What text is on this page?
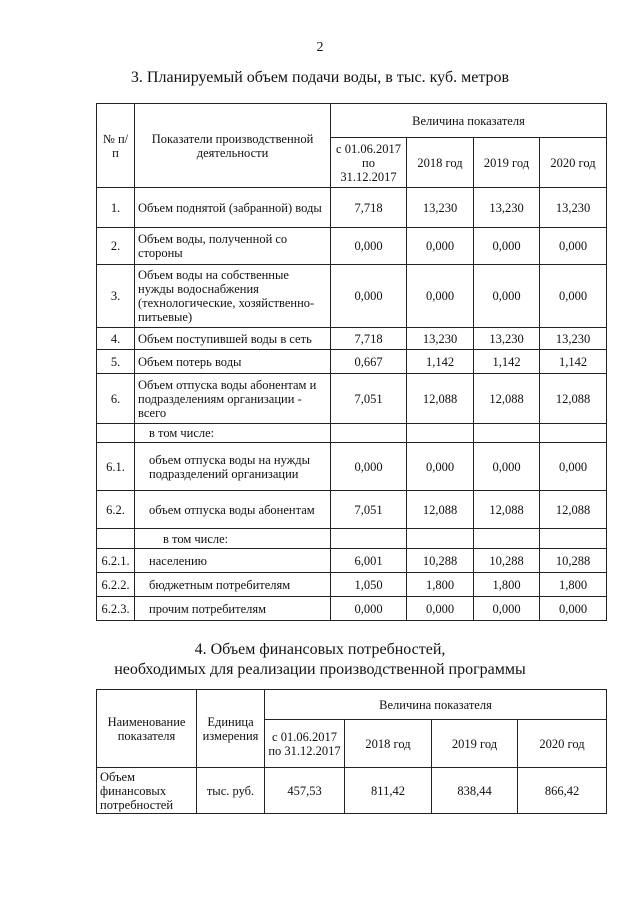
2
3. Планируемый объем подачи воды, в тыс. куб. метров
№ п/п	Показатели производственной деятельности	Величина показателя			
		с 01.06.2017 по 31.12.2017	2018 год	2019 год	2020 год
1.	Объем поднятой (забранной) воды	7,718	13,230	13,230	13,230
2.	Объем воды, полученной со стороны	0,000	0,000	0,000	0,000
3.	Объем воды на собственные нужды водоснабжения (технологические, хозяйственно-питьевые)	0,000	0,000	0,000	0,000
4.	Объем поступившей воды в сеть	7,718	13,230	13,230	13,230
5.	Объем потерь воды	0,667	1,142	1,142	1,142
6.	Объем отпуска воды абонентам и подразделениям организации - всего	7,051	12,088	12,088	12,088
	в том числе:				
6.1.	объем отпуска воды на нужды подразделений организации	0,000	0,000	0,000	0,000
6.2.	объем отпуска воды абонентам	7,051	12,088	12,088	12,088
	в том числе:				
6.2.1.	населению	6,001	10,288	10,288	10,288
6.2.2.	бюджетным потребителям	1,050	1,800	1,800	1,800
6.2.3.	прочим потребителям	0,000	0,000	0,000	0,000
4. Объем финансовых потребностей,
необходимых для реализации производственной программы
Наименование показателя	Единица измерения	Величина показателя			
		с 01.06.2017 по 31.12.2017	2018 год	2019 год	2020 год
Объем финансовых потребностей	тыс. руб.	457,53	811,42	838,44	866,42
